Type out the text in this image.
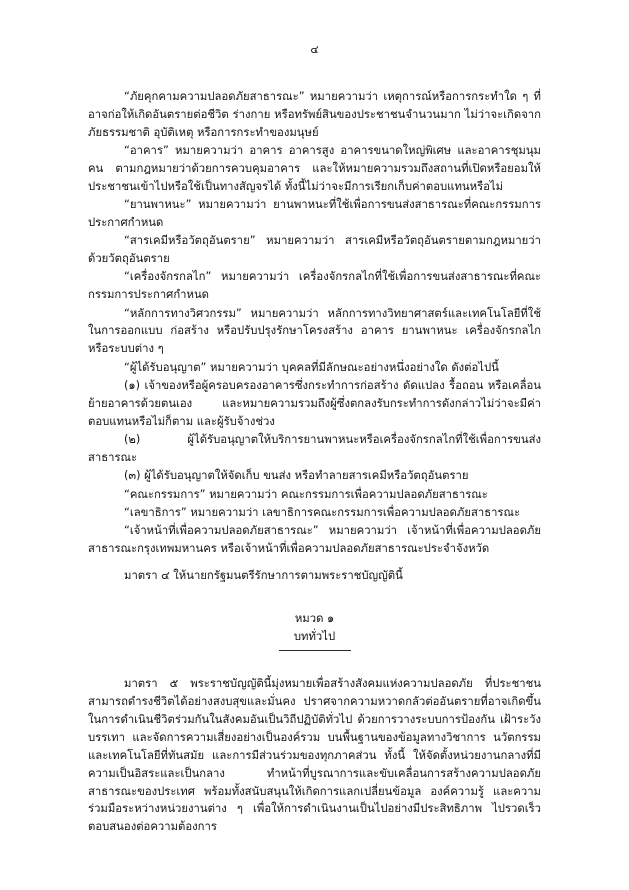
๔

“ภัยคุกคามความปลอดภัยสาธารณะ” หมายความว่า เหตุการณ์หรือการกระทำใด ๆ ที่อาจก่อให้เกิดอันตรายต่อชีวิต ร่างกาย หรือทรัพย์สินของประชาชนจำนวนมาก ไม่ว่าจะเกิดจากภัยธรรมชาติ อุบัติเหตุ หรือการกระทำของมนุษย์

“อาคาร” หมายความว่า อาคาร อาคารสูง อาคารขนาดใหญ่พิเศษ และอาคารชุมนุมคน ตามกฎหมายว่าด้วยการควบคุมอาคาร และให้หมายความรวมถึงสถานที่เปิดหรือยอมให้ประชาชนเข้าไปหรือใช้เป็นทางสัญจรได้ ทั้งนี้ไม่ว่าจะมีการเรียกเก็บค่าตอบแทนหรือไม่

“ยานพาหนะ” หมายความว่า ยานพาหนะที่ใช้เพื่อการขนส่งสาธารณะที่คณะกรรมการประกาศกำหนด

“สารเคมีหรือวัตถุอันตราย” หมายความว่า สารเคมีหรือวัตถุอันตรายตามกฎหมายว่าด้วยวัตถุอันตราย

“เครื่องจักรกลไก” หมายความว่า เครื่องจักรกลไกที่ใช้เพื่อการขนส่งสาธารณะที่คณะกรรมการประกาศกำหนด

“หลักการทางวิศวกรรม” หมายความว่า หลักการทางวิทยาศาสตร์และเทคโนโลยีที่ใช้ในการออกแบบ ก่อสร้าง หรือปรับปรุงรักษาโครงสร้าง อาคาร ยานพาหนะ เครื่องจักรกลไก หรือระบบต่าง ๆ

“ผู้ได้รับอนุญาต” หมายความว่า บุคคลที่มีลักษณะอย่างหนึ่งอย่างใด ดังต่อไปนี้

(๑) เจ้าของหรือผู้ครอบครองอาคารซึ่งกระทำการก่อสร้าง ดัดแปลง รื้อถอน หรือเคลื่อนย้ายอาคารด้วยตนเอง และหมายความรวมถึงผู้ซึ่งตกลงรับกระทำการดังกล่าวไม่ว่าจะมีค่าตอบแทนหรือไม่ก็ตาม และผู้รับจ้างช่วง

(๒) ผู้ได้รับอนุญาตให้บริการยานพาหนะหรือเครื่องจักรกลไกที่ใช้เพื่อการขนส่งสาธารณะ

(๓) ผู้ได้รับอนุญาตให้จัดเก็บ ขนส่ง หรือทำลายสารเคมีหรือวัตถุอันตราย

“คณะกรรมการ” หมายความว่า คณะกรรมการเพื่อความปลอดภัยสาธารณะ

“เลขาธิการ” หมายความว่า เลขาธิการคณะกรรมการเพื่อความปลอดภัยสาธารณะ

“เจ้าหน้าที่เพื่อความปลอดภัยสาธารณะ” หมายความว่า เจ้าหน้าที่เพื่อความปลอดภัยสาธารณะกรุงเทพมหานคร หรือเจ้าหน้าที่เพื่อความปลอดภัยสาธารณะประจำจังหวัด

มาตรา ๔ ให้นายกรัฐมนตรีรักษาการตามพระราชบัญญัตินี้

หมวด ๑
บททั่วไป

มาตรา ๕ พระราชบัญญัตินี้มุ่งหมายเพื่อสร้างสังคมแห่งความปลอดภัย ที่ประชาชนสามารถดำรงชีวิตได้อย่างสงบสุขและมั่นคง ปราศจากความหวาดกลัวต่ออันตรายที่อาจเกิดขึ้นในการดำเนินชีวิตร่วมกันในสังคมอันเป็นวิถีปฏิบัติทั่วไป ด้วยการวางระบบการป้องกัน เฝ้าระวัง บรรเทา และจัดการความเสี่ยงอย่างเป็นองค์รวม บนพื้นฐานของข้อมูลทางวิชาการ นวัตกรรมและเทคโนโลยีที่ทันสมัย และการมีส่วนร่วมของทุกภาคส่วน ทั้งนี้ ให้จัดตั้งหน่วยงานกลางที่มีความเป็นอิสระและเป็นกลาง ทำหน้าที่บูรณาการและขับเคลื่อนการสร้างความปลอดภัยสาธารณะของประเทศ พร้อมทั้งสนับสนุนให้เกิดการแลกเปลี่ยนข้อมูล องค์ความรู้ และความร่วมมือระหว่างหน่วยงานต่าง ๆ เพื่อให้การดำเนินงานเป็นไปอย่างมีประสิทธิภาพ ไปรวดเร็ว ตอบสนองต่อความต้องการ
